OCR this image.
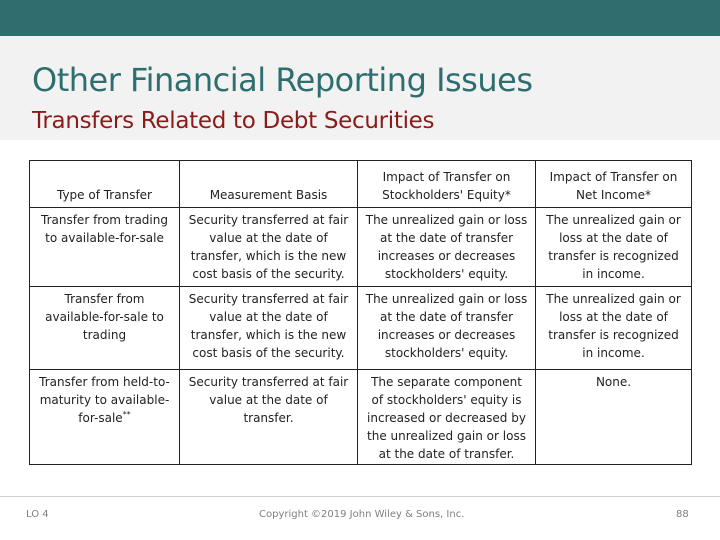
Other Financial Reporting Issues
Transfers Related to Debt Securities
Type of Transfer	Measurement Basis	Impact of Transfer on Stockholders' Equity*	Impact of Transfer on Net Income*
Transfer from trading to available-for-sale	Security transferred at fair value at the date of transfer, which is the new cost basis of the security.	The unrealized gain or loss at the date of transfer increases or decreases stockholders' equity.	The unrealized gain or loss at the date of transfer is recognized in income.
Transfer from available-for-sale to trading	Security transferred at fair value at the date of transfer, which is the new cost basis of the security.	The unrealized gain or loss at the date of transfer increases or decreases stockholders' equity.	The unrealized gain or loss at the date of transfer is recognized in income.
Transfer from held-to-maturity to available-for-sale**	Security transferred at fair value at the date of transfer.	The separate component of stockholders' equity is increased or decreased by the unrealized gain or loss at the date of transfer.	None.
LO 4	Copyright ©2019 John Wiley & Sons, Inc.	88
